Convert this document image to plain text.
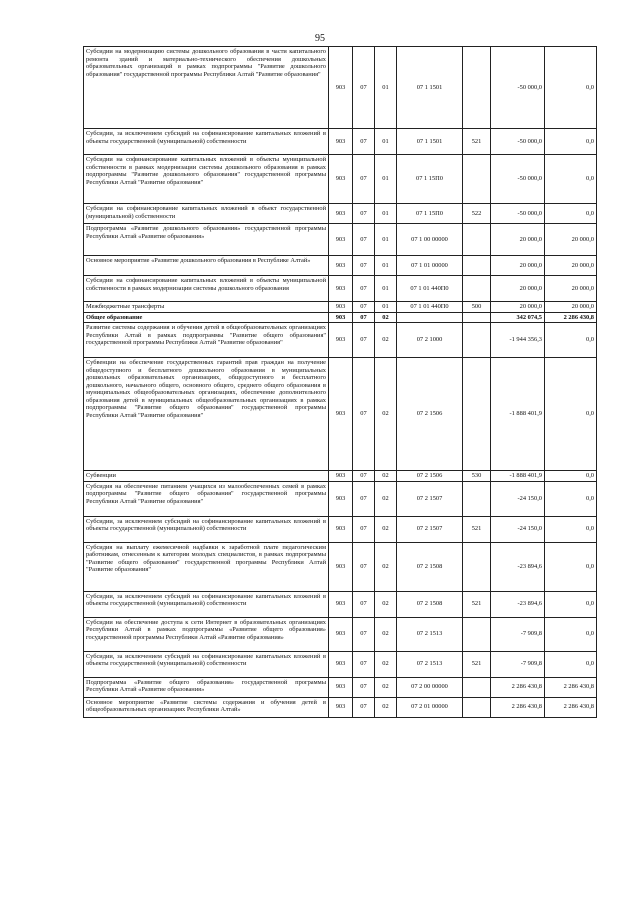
95
Субсидии на модернизацию системы дошкольного образования в части капитального ремонта зданий и материально-технического обеспечения дошкольных образовательных организаций в рамках подпрограммы "Развитие дошкольного образования" государственной программы Республики Алтай "Развитие образования"	903	07	01	07 1 1501		-50 000,0	0,0
Субсидии, за исключением субсидий на софинансирование капитальных вложений в объекты государственной (муниципальной) собственности	903	07	01	07 1 1501	521	-50 000,0	0,0
Субсидии на софинансирование капитальных вложений в объекты муниципальной собственности в рамках модернизации системы дошкольного образования в рамках подпрограммы "Развитие дошкольного образования" государственной программы Республики Алтай "Развитие образования"	903	07	01	07 1 15П0		-50 000,0	0,0
Субсидии на софинансирование капитальных вложений в объект государственной (муниципальной) собственности	903	07	01	07 1 15П0	522	-50 000,0	0,0
Подпрограмма «Развитие дошкольного образования» государственной программы Республики Алтай «Развитие образования»	903	07	01	07 1 00 00000		20 000,0	20 000,0
Основное мероприятие «Развитие дошкольного образования в Республике Алтай»	903	07	01	07 1 01 00000		20 000,0	20 000,0
Субсидии на софинансирование капитальных вложений в объекты муниципальной собственности в рамках модернизации системы дошкольного образования	903	07	01	07 1 01 440П0		20 000,0	20 000,0
Межбюджетные трансферты	903	07	01	07 1 01 440П0	500	20 000,0	20 000,0
Общее образование	903	07	02			342 074,5	2 286 430,8
Развитие системы содержания и обучения детей в общеобразовательных организациях Республики Алтай в рамках подпрограммы "Развитие общего образования" государственной программы Республики Алтай "Развитие образования"	903	07	02	07 2 1000		-1 944 356,3	0,0
Субвенции на обеспечение государственных гарантий прав граждан на получение общедоступного и бесплатного дошкольного образования в муниципальных дошкольных образовательных организациях, общедоступного и бесплатного дошкольного, начального общего, основного общего, среднего общего образования в муниципальных общеобразовательных организациях, обеспечение дополнительного образования детей в муниципальных общеобразовательных организациях в рамках подпрограммы "Развитие общего образования" государственной программы Республики Алтай "Развитие образования"	903	07	02	07 2 1506		-1 888 401,9	0,0
Субвенции	903	07	02	07 2 1506	530	-1 888 401,9	0,0
Субсидия на обеспечение питанием учащихся из малообеспеченных семей в рамках подпрограммы "Развитие общего образования" государственной программы Республики Алтай "Развитие образования"	903	07	02	07 2 1507		-24 150,0	0,0
Субсидии, за исключением субсидий на софинансирование капитальных вложений в объекты государственной (муниципальной) собственности	903	07	02	07 2 1507	521	-24 150,0	0,0
Субсидия на выплату ежемесячной надбавки к заработной плате педагогическим работникам, отнесенным к категории молодых специалистов, в рамках подпрограммы "Развитие общего образования" государственной программы Республики Алтай "Развитие образования"	903	07	02	07 2 1508		-23 894,6	0,0
Субсидии, за исключением субсидий на софинансирование капитальных вложений в объекты государственной (муниципальной) собственности	903	07	02	07 2 1508	521	-23 894,6	0,0
Субсидии на обеспечение доступа к сети Интернет в образовательных организациях Республики Алтай в рамках подпрограммы «Развитие общего образования» государственной программы Республики Алтай «Развитие образования»	903	07	02	07 2 1513		-7 909,8	0,0
Субсидии, за исключением субсидий на софинансирование капитальных вложений в объекты государственной (муниципальной) собственности	903	07	02	07 2 1513	521	-7 909,8	0,0
Подпрограмма «Развитие общего образования» государственной программы Республики Алтай «Развитие образования»	903	07	02	07 2 00 00000		2 286 430,8	2 286 430,8
Основное мероприятие «Развитие системы содержания и обучения детей в общеобразовательных организациях Республики Алтай»	903	07	02	07 2 01 00000		2 286 430,8	2 286 430,8
